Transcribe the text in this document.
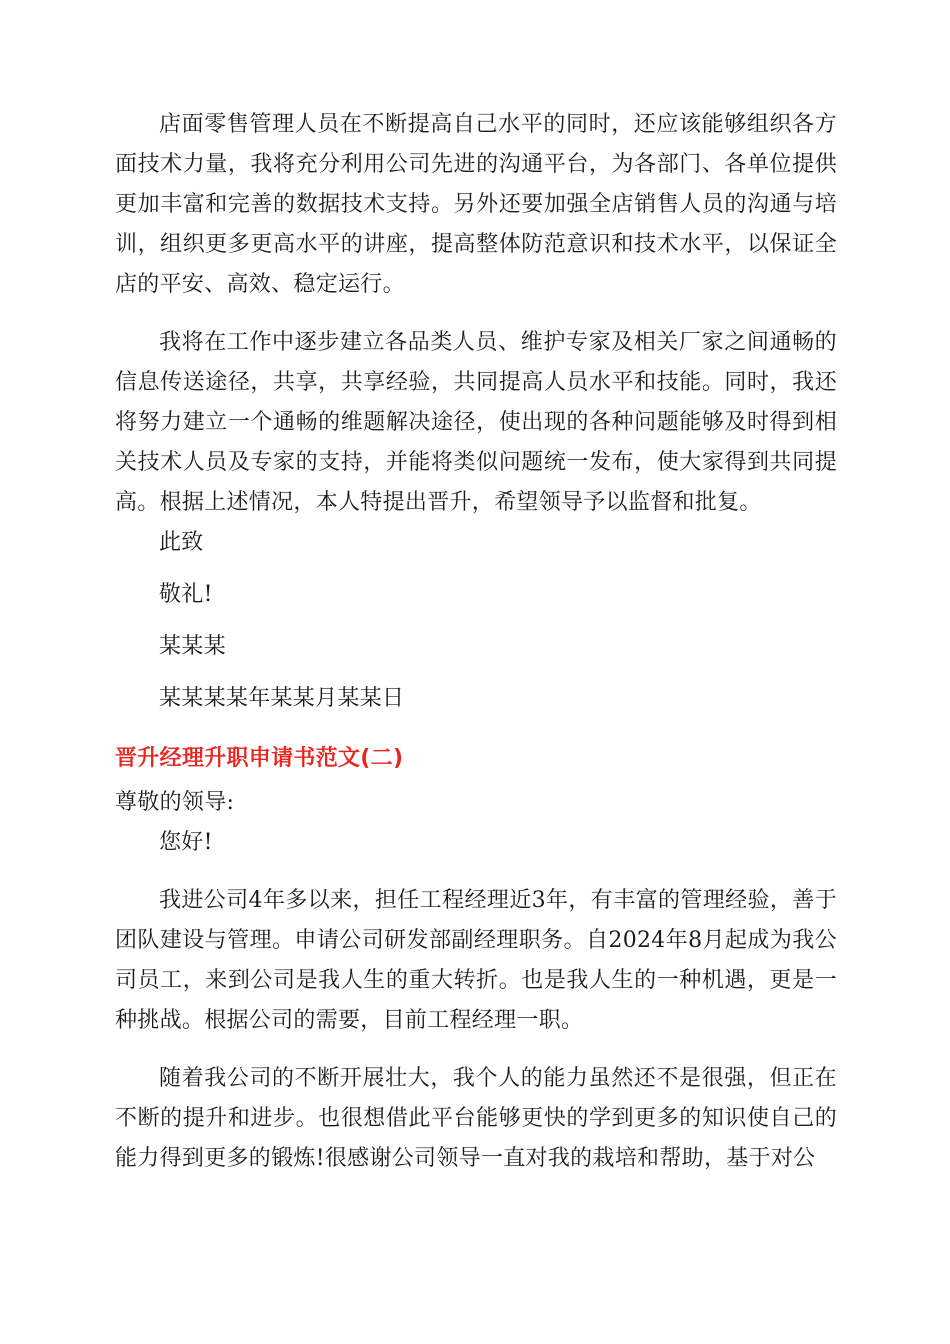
店面零售管理人员在不断提高自己水平的同时，还应该能够组织各方面技术力量，我将充分利用公司先进的沟通平台，为各部门、各单位提供更加丰富和完善的数据技术支持。另外还要加强全店销售人员的沟通与培训，组织更多更高水平的讲座，提高整体防范意识和技术水平，以保证全店的平安、高效、稳定运行。

我将在工作中逐步建立各品类人员、维护专家及相关厂家之间通畅的信息传送途径，共享，共享经验，共同提高人员水平和技能。同时，我还将努力建立一个通畅的维题解决途径，使出现的各种问题能够及时得到相关技术人员及专家的支持，并能将类似问题统一发布，使大家得到共同提高。根据上述情况，本人特提出晋升，希望领导予以监督和批复。

此致

敬礼!

某某某

某某某某年某某月某某日

晋升经理升职申请书范文(二)

尊敬的领导:

您好!

我进公司4年多以来，担任工程经理近3年，有丰富的管理经验，善于团队建设与管理。申请公司研发部副经理职务。自2024年8月起成为我公司员工，来到公司是我人生的重大转折。也是我人生的一种机遇，更是一种挑战。根据公司的需要，目前工程经理一职。

随着我公司的不断开展壮大，我个人的能力虽然还不是很强，但正在不断的提升和进步。也很想借此平台能够更快的学到更多的知识使自己的能力得到更多的锻炼!很感谢公司领导一直对我的栽培和帮助，基于对公
